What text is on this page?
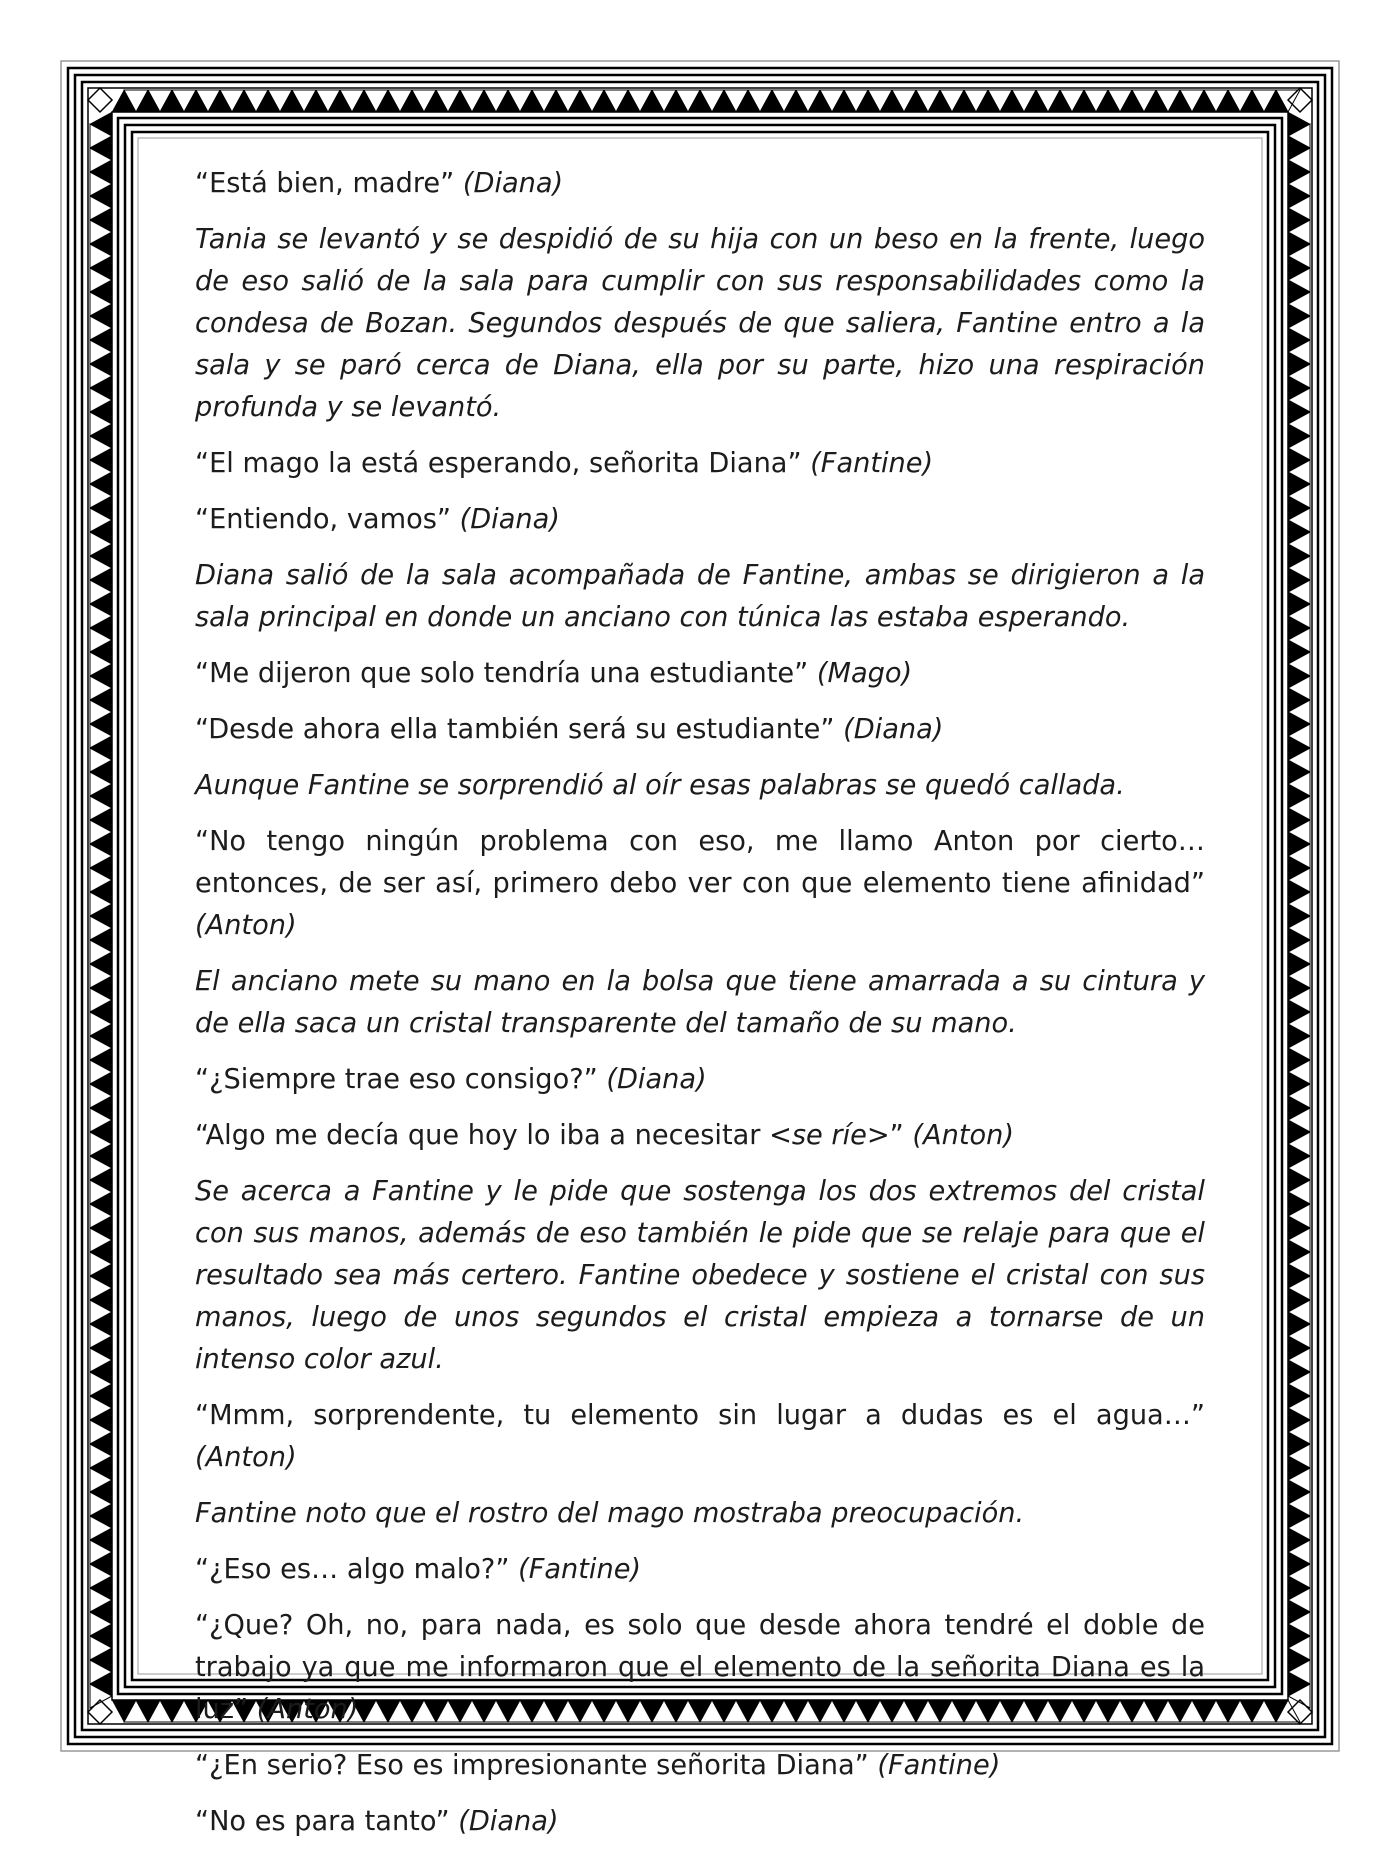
“Está bien, madre” (Diana)

Tania se levantó y se despidió de su hija con un beso en la frente, luego de eso salió de la sala para cumplir con sus responsabilidades como la condesa de Bozan. Segundos después de que saliera, Fantine entro a la sala y se paró cerca de Diana, ella por su parte, hizo una respiración profunda y se levantó.

“El mago la está esperando, señorita Diana” (Fantine)

“Entiendo, vamos” (Diana)

Diana salió de la sala acompañada de Fantine, ambas se dirigieron a la sala principal en donde un anciano con túnica las estaba esperando.

“Me dijeron que solo tendría una estudiante” (Mago)

“Desde ahora ella también será su estudiante” (Diana)

Aunque Fantine se sorprendió al oír esas palabras se quedó callada.

“No tengo ningún problema con eso, me llamo Anton por cierto… entonces, de ser así, primero debo ver con que elemento tiene afinidad” (Anton)

El anciano mete su mano en la bolsa que tiene amarrada a su cintura y de ella saca un cristal transparente del tamaño de su mano.

“¿Siempre trae eso consigo?” (Diana)

“Algo me decía que hoy lo iba a necesitar <se ríe>” (Anton)

Se acerca a Fantine y le pide que sostenga los dos extremos del cristal con sus manos, además de eso también le pide que se relaje para que el resultado sea más certero. Fantine obedece y sostiene el cristal con sus manos, luego de unos segundos el cristal empieza a tornarse de un intenso color azul.

“Mmm, sorprendente, tu elemento sin lugar a dudas es el agua…” (Anton)

Fantine noto que el rostro del mago mostraba preocupación.

“¿Eso es… algo malo?” (Fantine)

“¿Que? Oh, no, para nada, es solo que desde ahora tendré el doble de trabajo ya que me informaron que el elemento de la señorita Diana es la luz” (Anton)

“¿En serio? Eso es impresionante señorita Diana” (Fantine)

“No es para tanto” (Diana)
